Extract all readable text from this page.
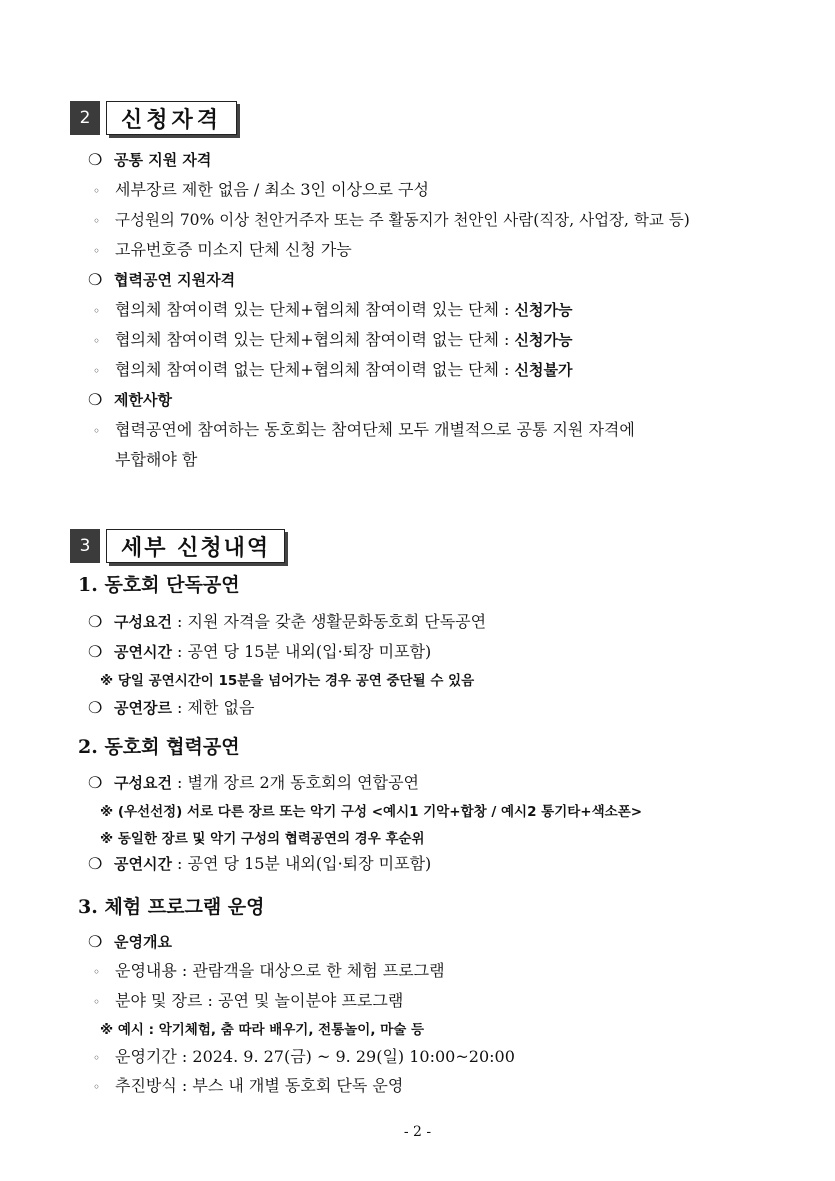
2	신청자격
❍ 공통 지원 자격
◦ 세부장르 제한 없음 / 최소 3인 이상으로 구성
◦ 구성원의 70% 이상 천안거주자 또는 주 활동지가 천안인 사람(직장, 사업장, 학교 등)
◦ 고유번호증 미소지 단체 신청 가능
❍ 협력공연 지원자격
◦ 협의체 참여이력 있는 단체+협의체 참여이력 있는 단체 : 신청가능
◦ 협의체 참여이력 있는 단체+협의체 참여이력 없는 단체 : 신청가능
◦ 협의체 참여이력 없는 단체+협의체 참여이력 없는 단체 : 신청불가
❍ 제한사항
◦ 협력공연에 참여하는 동호회는 참여단체 모두 개별적으로 공통 지원 자격에
부합해야 함
3	세부 신청내역
1. 동호회 단독공연
❍ 구성요건 : 지원 자격을 갖춘 생활문화동호회 단독공연
❍ 공연시간 : 공연 당 15분 내외(입·퇴장 미포함)
※ 당일 공연시간이 15분을 넘어가는 경우 공연 중단될 수 있음
❍ 공연장르 : 제한 없음
2. 동호회 협력공연
❍ 구성요건 : 별개 장르 2개 동호회의 연합공연
※ (우선선정) 서로 다른 장르 또는 악기 구성 <예시1 기악+합창 / 예시2 통기타+색소폰>
※ 동일한 장르 및 악기 구성의 협력공연의 경우 후순위
❍ 공연시간 : 공연 당 15분 내외(입·퇴장 미포함)
3. 체험 프로그램 운영
❍ 운영개요
◦ 운영내용 : 관람객을 대상으로 한 체험 프로그램
◦ 분야 및 장르 : 공연 및 놀이분야 프로그램
※ 예시 : 악기체험, 춤 따라 배우기, 전통놀이, 마술 등
◦ 운영기간 : 2024. 9. 27(금) ~ 9. 29(일) 10:00~20:00
◦ 추진방식 : 부스 내 개별 동호회 단독 운영
- 2 -
